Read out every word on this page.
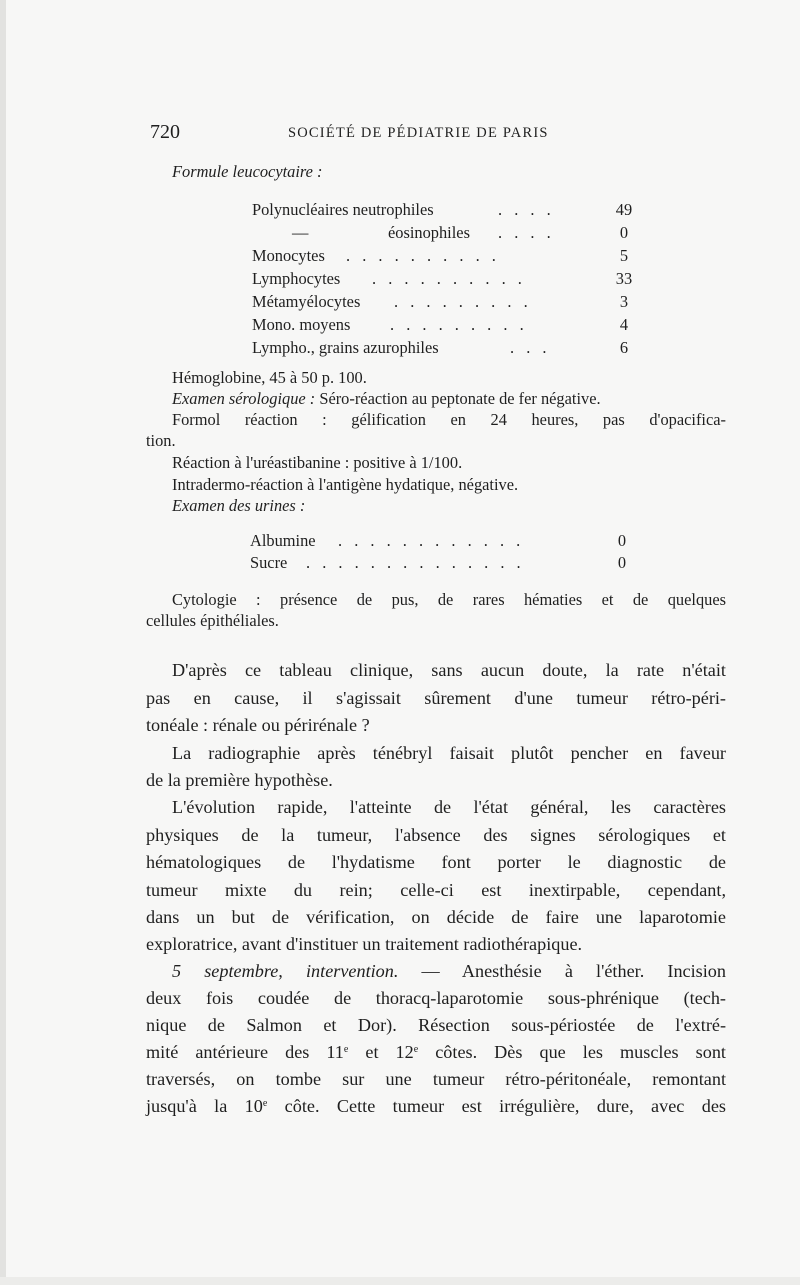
720	SOCIÉTÉ DE PÉDIATRIE DE PARIS
Formule leucocytaire :
Polynucléaires neutrophiles	. . . .	49
—	éosinophiles . . . .	0
Monocytes . . . . . . . . . .	5
Lymphocytes . . . . . . . . . .	33
Métamyélocytes . . . . . . . . .	3
Mono. moyens . . . . . . . . .	4
Lympho., grains azurophiles	. . .	6
Hémoglobine, 45 à 50 p. 100.
Examen sérologique : Séro-réaction au peptonate de fer négative.
Formol réaction : gélification en 24 heures, pas d'opacifica-
tion.
Réaction à l'uréastibanine : positive à 1/100.
Intradermo-réaction à l'antigène hydatique, négative.
Examen des urines :
Albumine . . . . . . . . . . . .	0
Sucre . . . . . . . . . . . . . .	0
Cytologie : présence de pus, de rares hématies et de quelques
cellules épithéliales.
D'après ce tableau clinique, sans aucun doute, la rate n'était
pas en cause, il s'agissait sûrement d'une tumeur rétro-péri-
tonéale : rénale ou périrénale ?
La radiographie après ténébryl faisait plutôt pencher en faveur
de la première hypothèse.
L'évolution rapide, l'atteinte de l'état général, les caractères
physiques de la tumeur, l'absence des signes sérologiques et
hématologiques de l'hydatisme font porter le diagnostic de
tumeur mixte du rein; celle-ci est inextirpable, cependant,
dans un but de vérification, on décide de faire une laparotomie
exploratrice, avant d'instituer un traitement radiothérapique.
5 septembre, intervention. — Anesthésie à l'éther. Incision
deux fois coudée de thoracq-laparotomie sous-phrénique (tech-
nique de Salmon et Dor). Résection sous-périostée de l'extré-
mité antérieure des 11e et 12e côtes. Dès que les muscles sont
traversés, on tombe sur une tumeur rétro-péritonéale, remontant
jusqu'à la 10e côte. Cette tumeur est irrégulière, dure, avec des
